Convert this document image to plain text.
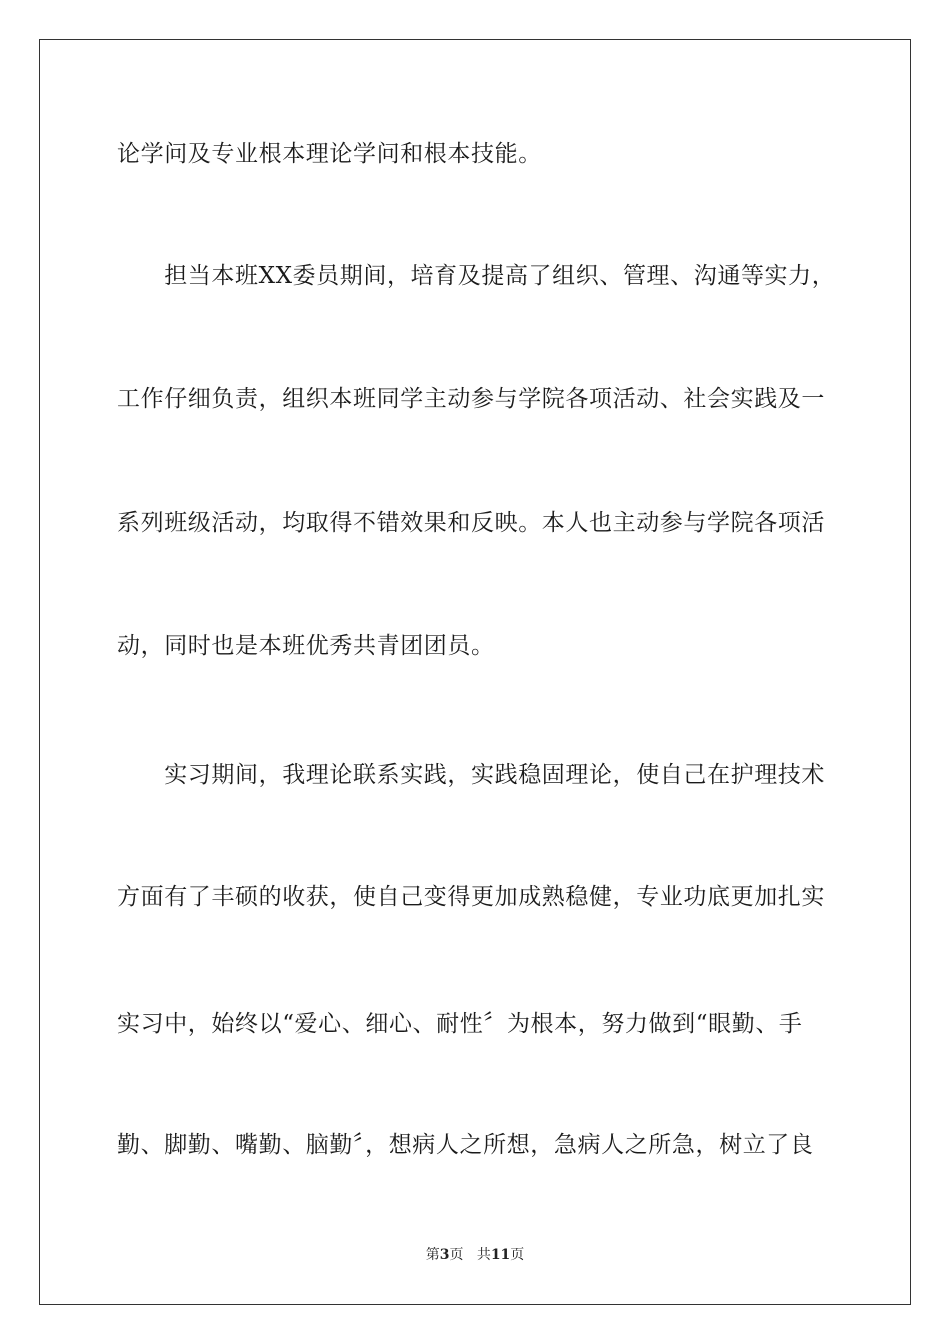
论学问及专业根本理论学问和根本技能。
　　担当本班XX委员期间，培育及提高了组织、管理、沟通等实力，
工作仔细负责，组织本班同学主动参与学院各项活动、社会实践及一
系列班级活动，均取得不错效果和反映。本人也主动参与学院各项活
动，同时也是本班优秀共青团团员。
　　实习期间，我理论联系实践，实践稳固理论，使自己在护理技术
方面有了丰硕的收获，使自己变得更加成熟稳健，专业功底更加扎实
实习中，始终以“爱心、细心、耐性〞为根本，努力做到“眼勤、手
勤、脚勤、嘴勤、脑勤〞，想病人之所想，急病人之所急，树立了良
第3页 共11页
